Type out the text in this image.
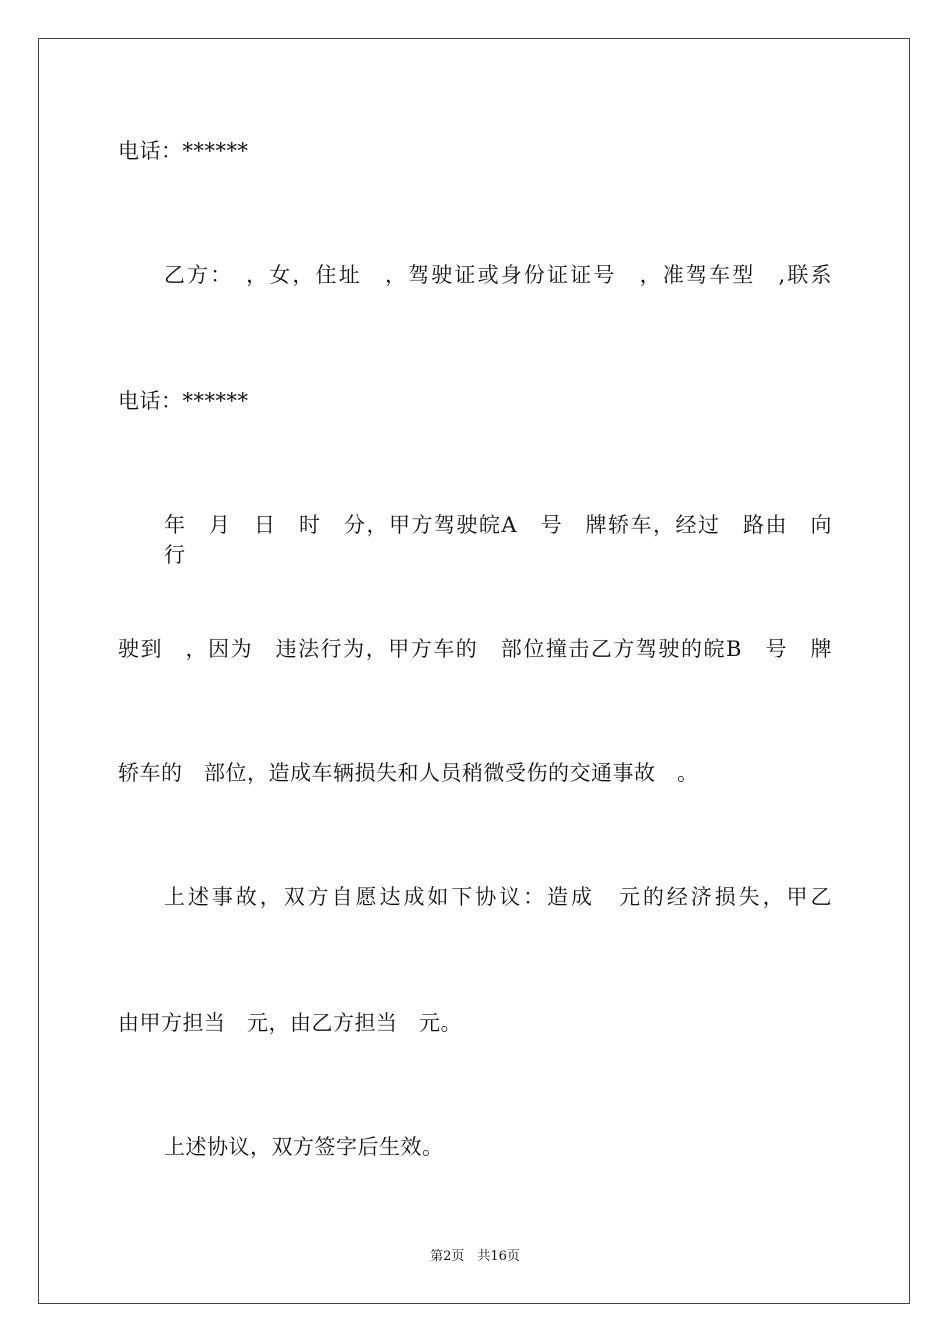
电话：******
乙方：　，女，住址　，驾驶证或身份证证号　，准驾车型　,联系
电话：******
年　月　日　时　分，甲方驾驶皖A　号　牌轿车，经过　路由　向　行
驶到　，因为　违法行为，甲方车的　部位撞击乙方驾驶的皖B　号　牌
轿车的　部位，造成车辆损失和人员稍微受伤的交通事故　。
上述事故，双方自愿达成如下协议：造成　元的经济损失，甲乙
由甲方担当　元，由乙方担当　元。
上述协议，双方签字后生效。
第2页　共16页
